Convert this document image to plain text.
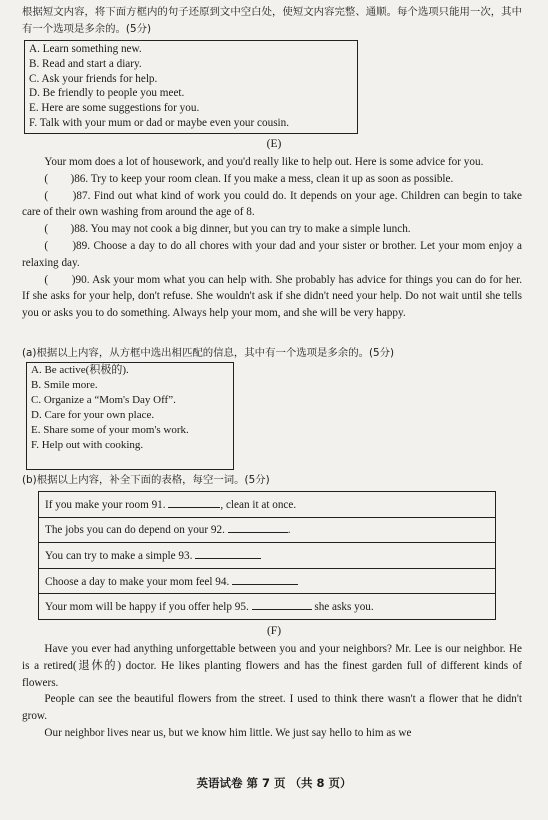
根据短文内容，将下面方框内的句子还原到文中空白处，使短文内容完整、通顺。每个选项只能用一次，其中有一个选项是多余的。(5分)

A. Learn something new.
B. Read and start a diary.
C. Ask your friends for help.
D. Be friendly to people you meet.
E. Here are some suggestions for you.
F. Talk with your mum or dad or maybe even your cousin.
(E)

Your mom does a lot of housework, and you'd really like to help out. Here is some advice for you.

(　　)86. Try to keep your room clean. If you make a mess, clean it up as soon as possible.

(　　)87. Find out what kind of work you could do. It depends on your age. Children can begin to take care of their own washing from around the age of 8.

(　　)88. You may not cook a big dinner, but you can try to make a simple lunch.

(　　)89. Choose a day to do all chores with your dad and your sister or brother. Let your mom enjoy a relaxing day.

(　　)90. Ask your mom what you can help with. She probably has advice for things you can do for her. If she asks for your help, don't refuse. She wouldn't ask if she didn't need your help. Do not wait until she tells you or asks you to do something. Always help your mom, and she will be very happy.

(a)根据以上内容，从方框中选出相匹配的信息，其中有一个选项是多余的。(5分)
A. Be active(积极的).
B. Smile more.
C. Organize a “Mom's Day Off”.
D. Care for your own place.
E. Share some of your mom's work.
F. Help out with cooking.
(b)根据以上内容，补全下面的表格，每空一词。(5分)
If you make your room 91.	, clean it at once.
The jobs you can do depend on your 92.	.
You can try to make a simple 93.
Choose a day to make your mom feel 94.
Your mom will be happy if you offer help 95.	she asks you.
(F)

Have you ever had anything unforgettable between you and your neighbors? Mr. Lee is our neighbor. He is a retired(退休的) doctor. He likes planting flowers and has the finest garden full of different kinds of flowers.

People can see the beautiful flowers from the street. I used to think there wasn't a flower that he didn't grow.

Our neighbor lives near us, but we know him little. We just say hello to him as we

英语试卷 第 7 页 （共 8 页）
